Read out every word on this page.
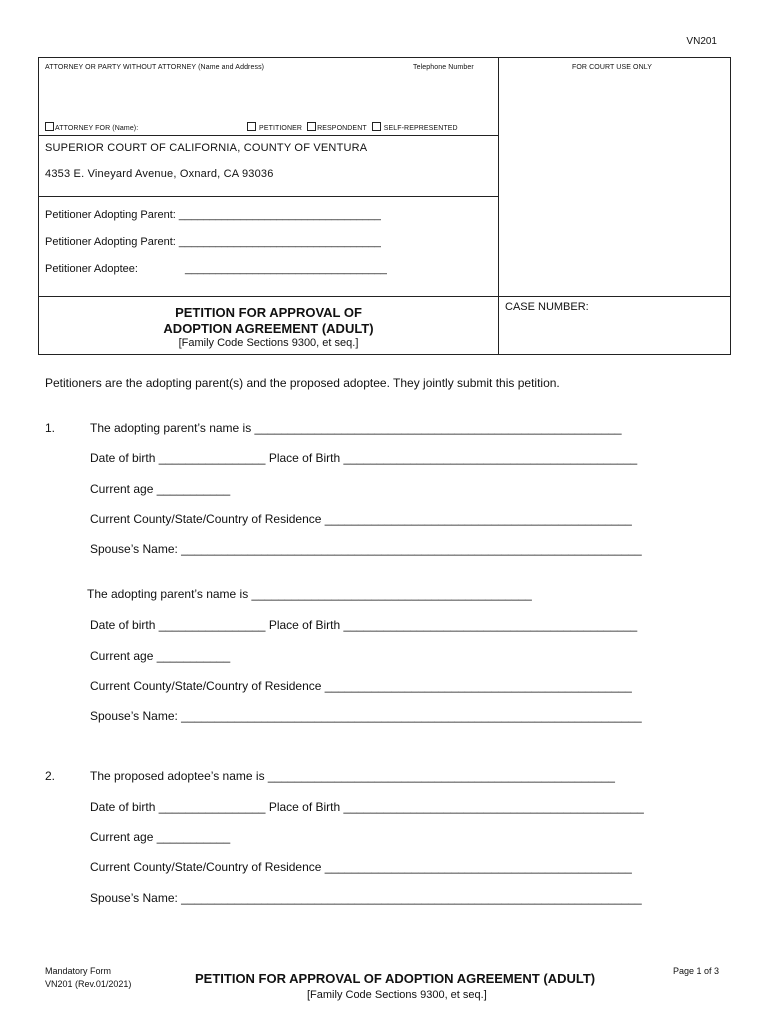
VN201
ATTORNEY OR PARTY WITHOUT ATTORNEY (Name and Address)	Telephone Number	FOR COURT USE ONLY
ATTORNEY FOR (Name):	PETITIONER RESPONDENT SELF-REPRESENTED
SUPERIOR COURT OF CALIFORNIA, COUNTY OF VENTURA
4353 E. Vineyard Avenue, Oxnard, CA 93036
Petitioner Adopting Parent: _________________________________
Petitioner Adopting Parent: _________________________________
Petitioner Adoptee:	_________________________________
PETITION FOR APPROVAL OF
ADOPTION AGREEMENT (ADULT)
[Family Code Sections 9300, et seq.]
CASE NUMBER:
Petitioners are the adopting parent(s) and the proposed adoptee. They jointly submit this petition.
1.	The adopting parent’s name is _______________________________________________________
Date of birth ________________ Place of Birth ____________________________________________
Current age ___________
Current County/State/Country of Residence ______________________________________________
Spouse’s Name: _____________________________________________________________________
The adopting parent’s name is __________________________________________
Date of birth ________________ Place of Birth ____________________________________________
Current age ___________
Current County/State/Country of Residence ______________________________________________
Spouse’s Name: _____________________________________________________________________
2.	The proposed adoptee’s name is ____________________________________________________
Date of birth ________________ Place of Birth _____________________________________________
Current age ___________
Current County/State/Country of Residence ______________________________________________
Spouse’s Name: _____________________________________________________________________
Mandatory Form
VN201 (Rev.01/2021)	PETITION FOR APPROVAL OF ADOPTION AGREEMENT (ADULT)
[Family Code Sections 9300, et seq.]
Page 1 of 3
